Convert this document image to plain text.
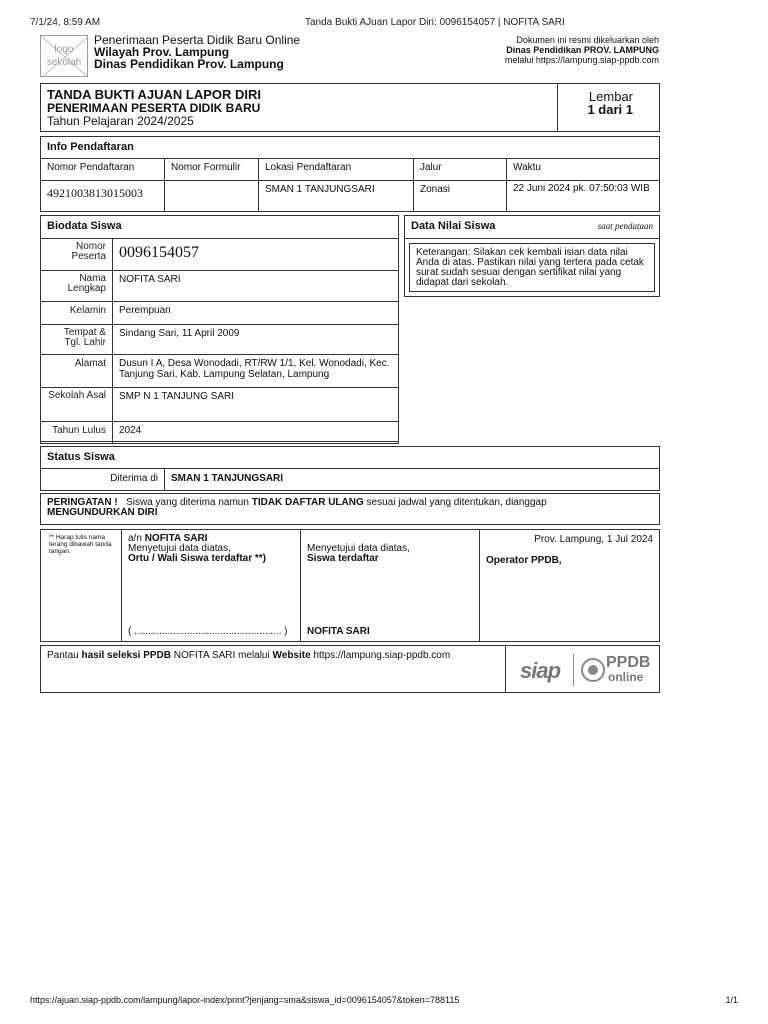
7/1/24, 8:59 AM	Tanda Bukti AJuan Lapor Diri: 0096154057 | NOFITA SARI
logo
sekolah
Penerimaan Peserta Didik Baru Online
Wilayah Prov. Lampung
Dinas Pendidikan Prov. Lampung
Dokumen ini resmi dikeluarkan oleh
Dinas Pendidikan PROV. LAMPUNG
melalui https://lampung.siap-ppdb.com
TANDA BUKTI AJUAN LAPOR DIRI
PENERIMAAN PESERTA DIDIK BARU
Tahun Pelajaran 2024/2025
Lembar
1 dari 1
Info Pendaftaran
Nomor Pendaftaran	Nomor Formulir	Lokasi Pendaftaran	Jalur	Waktu
4921003813015003		SMAN 1 TANJUNGSARI	Zonasi	22 Juni 2024 pk. 07:50:03 WIB
Biodata Siswa
Nomor Peserta	0096154057
Nama Lengkap	NOFITA SARI
Kelamin	Perempuan
Tempat & Tgl. Lahir	Sindang Sari, 11 April 2009
Alamat	Dusun I A, Desa Wonodadi, RT/RW 1/1, Kel. Wonodadi, Kec. Tanjung Sari, Kab. Lampung Selatan, Lampung
Sekolah Asal	SMP N 1 TANJUNG SARI
Tahun Lulus	2024
Data Nilai Siswa	saat pendataan
Keterangan: Silakan cek kembali isian data nilai Anda di atas. Pastikan nilai yang tertera pada cetak surat sudah sesuai dengan sertifikat nilai yang didapat dari sekolah.
Status Siswa
Diterima di	SMAN 1 TANJUNGSARI
PERINGATAN ! Siswa yang diterima namun TIDAK DAFTAR ULANG sesuai jadwal yang ditentukan, dianggap
MENGUNDURKAN DIRI
** Harap tulis nama terang dibawah tanda tangan.
a/n NOFITA SARI
Menyetujui data diatas,
Ortu / Wali Siswa terdaftar **)
( ..................................................... )
Menyetujui data diatas,
Siswa terdaftar
NOFITA SARI
Prov. Lampung, 1 Jul 2024
Operator PPDB,
Pantau hasil seleksi PPDB NOFITA SARI melalui Website https://lampung.siap-ppdb.com
siap	PPDB
online
https://ajuan.siap-ppdb.com/lampung/lapor-index/print?jenjang=sma&siswa_id=0096154057&token=788115	1/1
